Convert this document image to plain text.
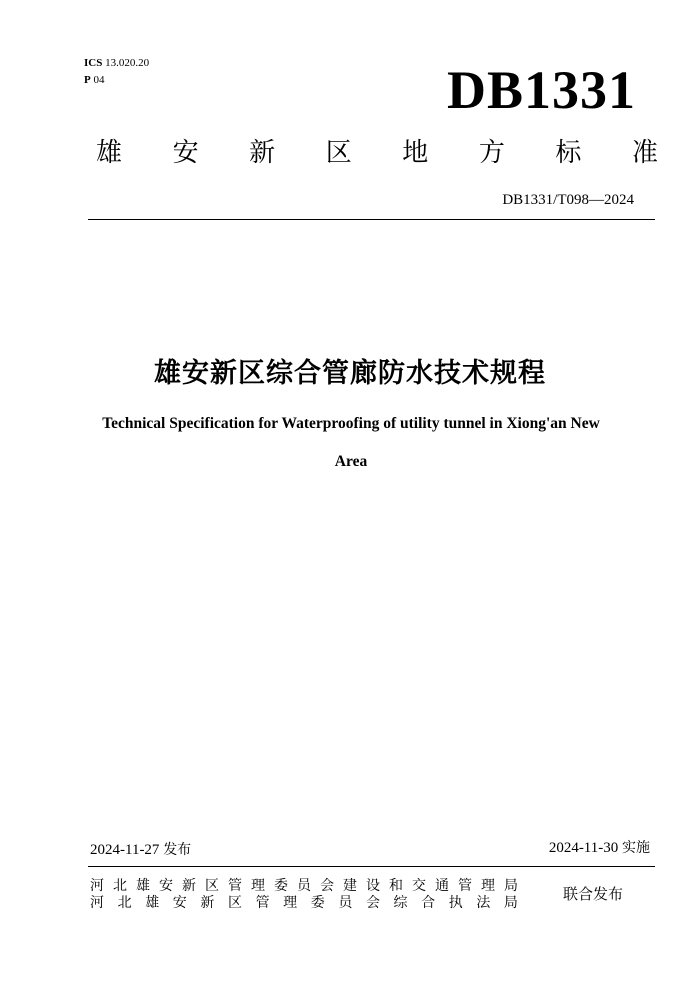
ICS 13.020.20
P 04	DB1331
雄 安 新 区 地 方 标 准
DB1331/T098—2024
雄安新区综合管廊防水技术规程
Technical Specification for Waterproofing of utility tunnel in Xiong'an New
Area
2024-11-27 发布	2024-11-30 实施
河 北 雄 安 新 区 管 理 委 员 会 建 设 和 交 通 管 理 局
河 北 雄 安 新 区 管 理 委 员 会 综 合 执 法 局	联合发布
